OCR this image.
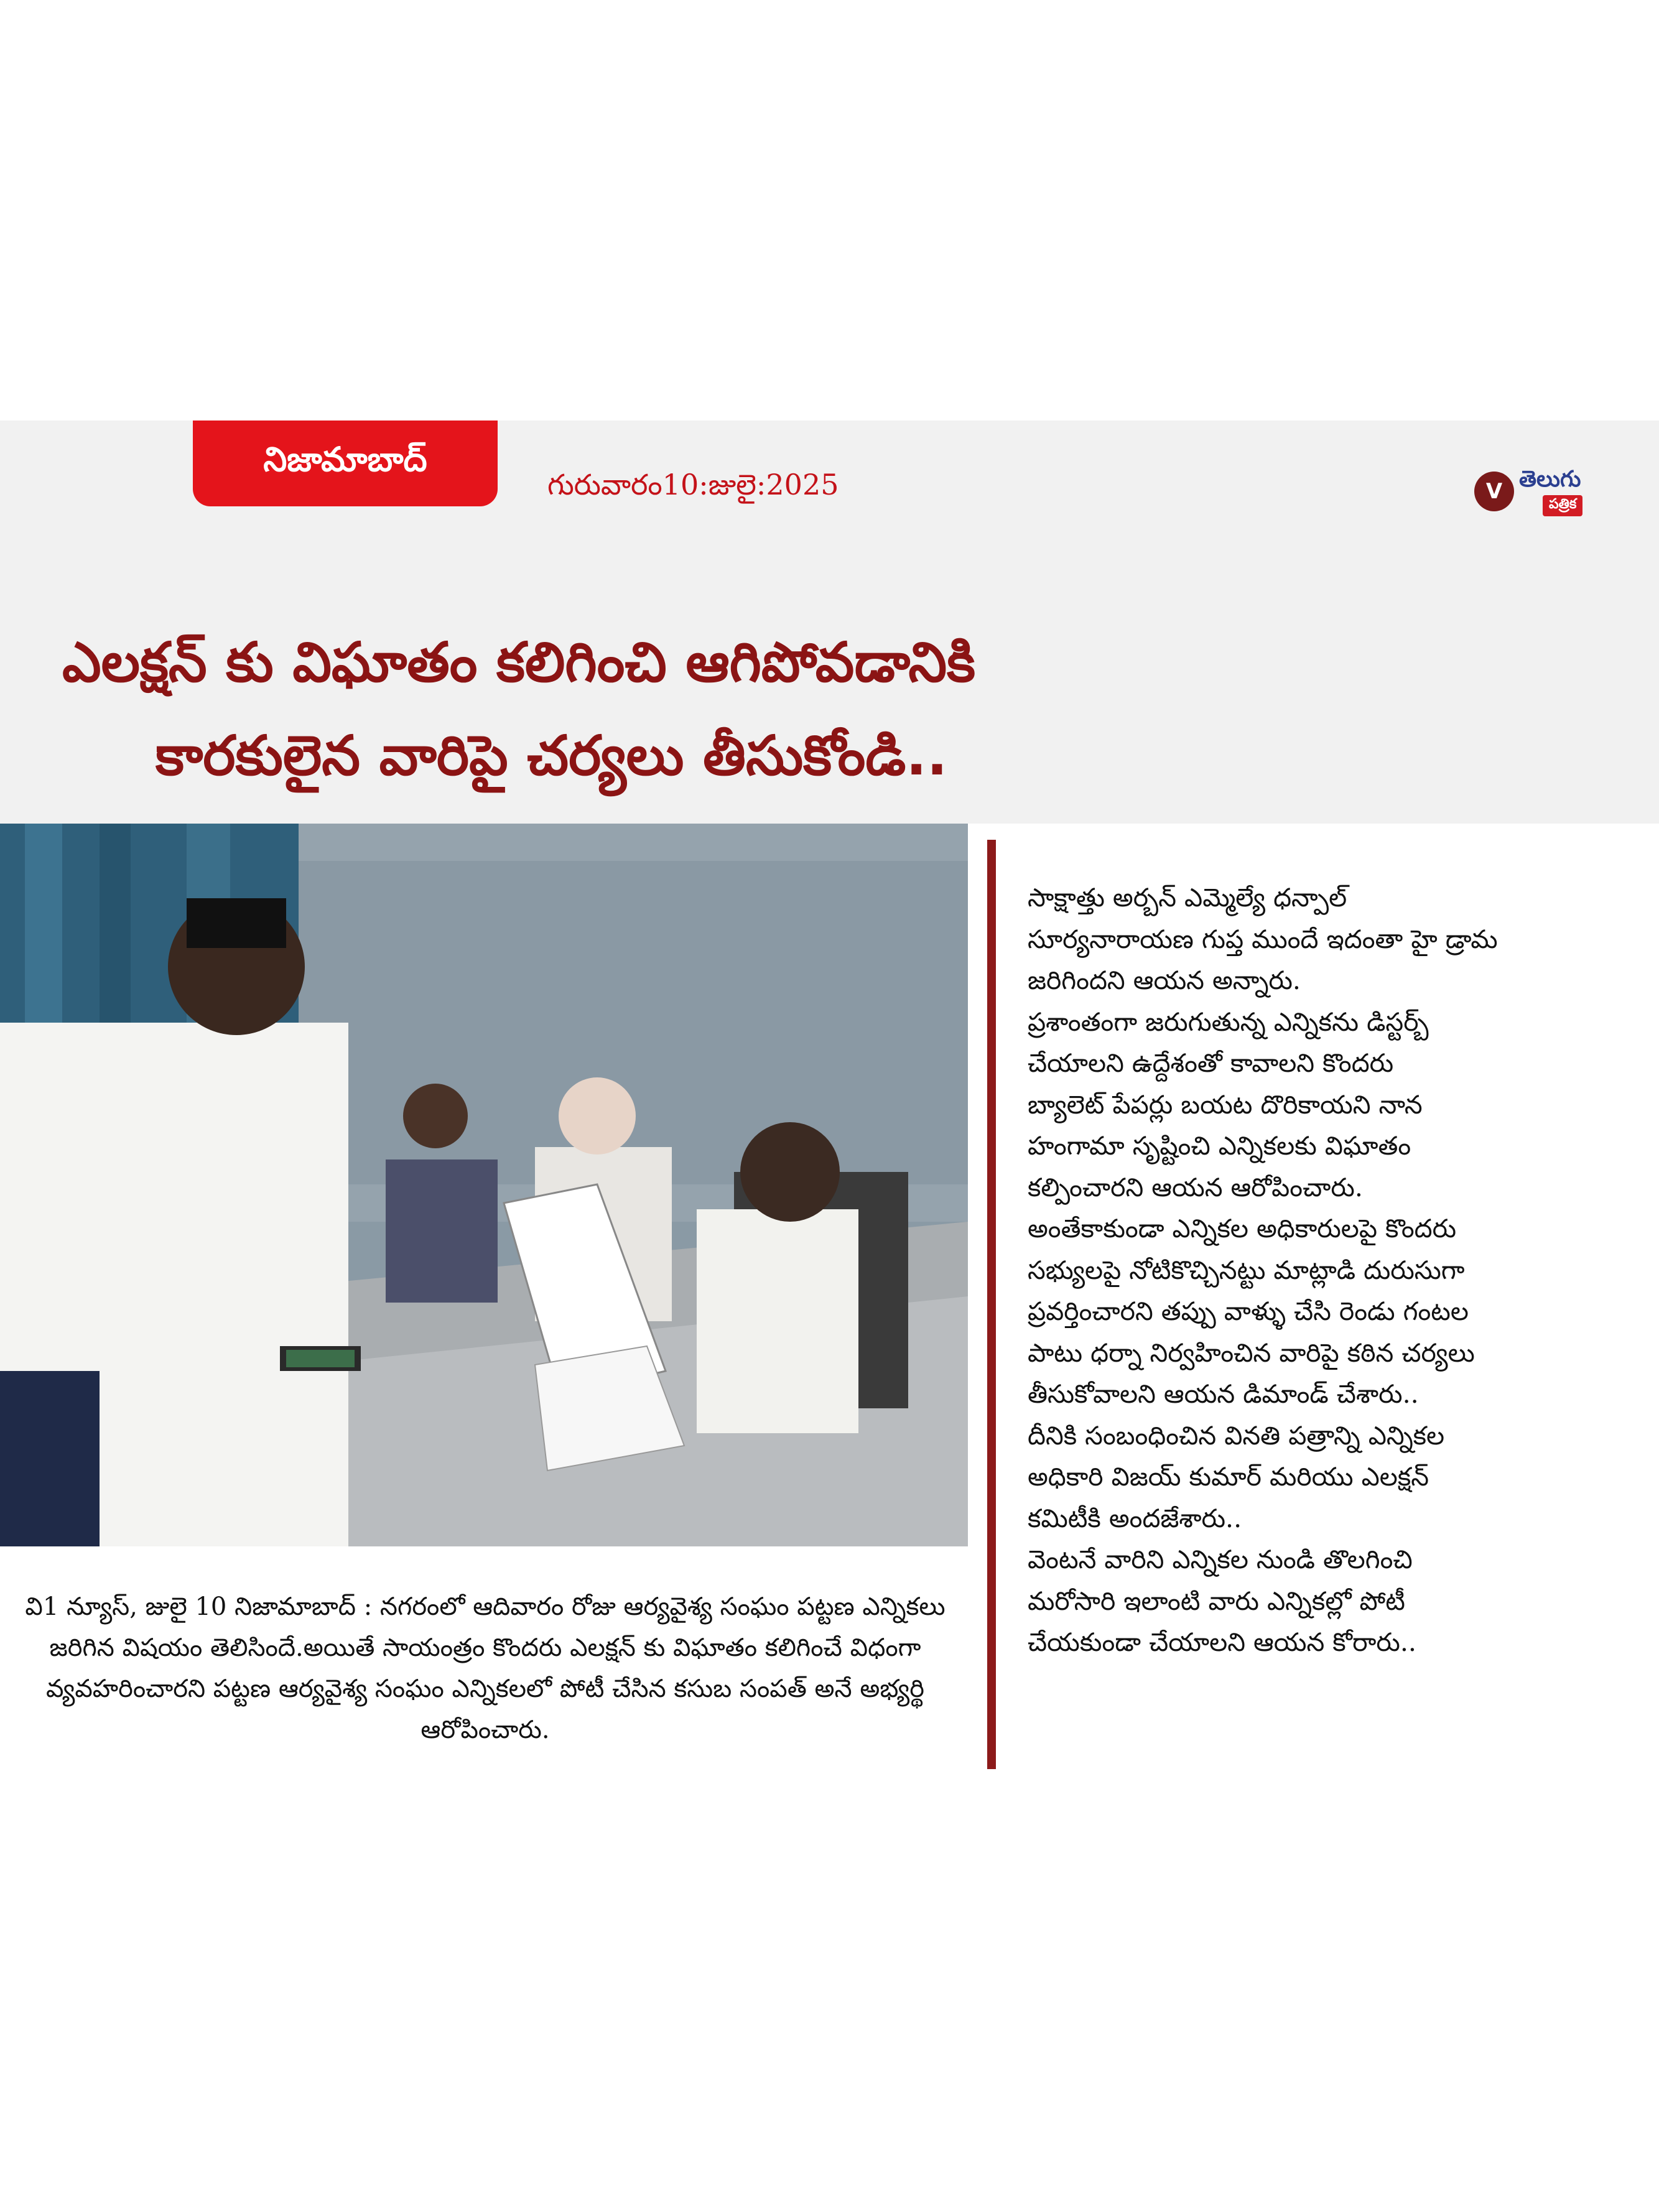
నిజామాబాద్
గురువారం10:జులై:2025	V తెలుగు
పత్రిక
ఎలక్షన్ కు విఘాతం కలిగించి ఆగిపోవడానికి
కారకులైన వారిపై చర్యలు తీసుకోండి..
వి1 న్యూస్, జులై 10 నిజామాబాద్ : నగరంలో ఆదివారం రోజు ఆర్యవైశ్య సంఘం పట్టణ ఎన్నికలు జరిగిన విషయం తెలిసిందే.అయితే సాయంత్రం కొందరు ఎలక్షన్ కు విఘాతం కలిగించే విధంగా వ్యవహరించారని పట్టణ ఆర్యవైశ్య సంఘం ఎన్నికలలో పోటీ చేసిన కసుబ సంపత్ అనే అభ్యర్థి ఆరోపించారు.

సాక్షాత్తు అర్బన్ ఎమ్మెల్యే ధన్పాల్

సూర్యనారాయణ గుప్త ముందే ఇదంతా హై డ్రామ

జరిగిందని ఆయన అన్నారు.

ప్రశాంతంగా జరుగుతున్న ఎన్నికను డిస్టర్బ్

చేయాలని ఉద్దేశంతో కావాలని కొందరు

బ్యాలెట్ పేపర్లు బయట దొరికాయని నాన

హంగామా సృష్టించి ఎన్నికలకు విఘాతం

కల్పించారని ఆయన ఆరోపించారు.

అంతేకాకుండా ఎన్నికల అధికారులపై కొందరు

సభ్యులపై నోటికొచ్చినట్టు మాట్లాడి దురుసుగా

ప్రవర్తించారని తప్పు వాళ్ళు చేసి రెండు గంటల

పాటు ధర్నా నిర్వహించిన వారిపై కఠిన చర్యలు

తీసుకోవాలని ఆయన డిమాండ్ చేశారు..

దీనికి సంబంధించిన వినతి పత్రాన్ని ఎన్నికల

అధికారి విజయ్ కుమార్ మరియు ఎలక్షన్

కమిటీకి అందజేశారు..

వెంటనే వారిని ఎన్నికల నుండి తొలగించి

మరోసారి ఇలాంటి వారు ఎన్నికల్లో పోటీ

చేయకుండా చేయాలని ఆయన కోరారు..
